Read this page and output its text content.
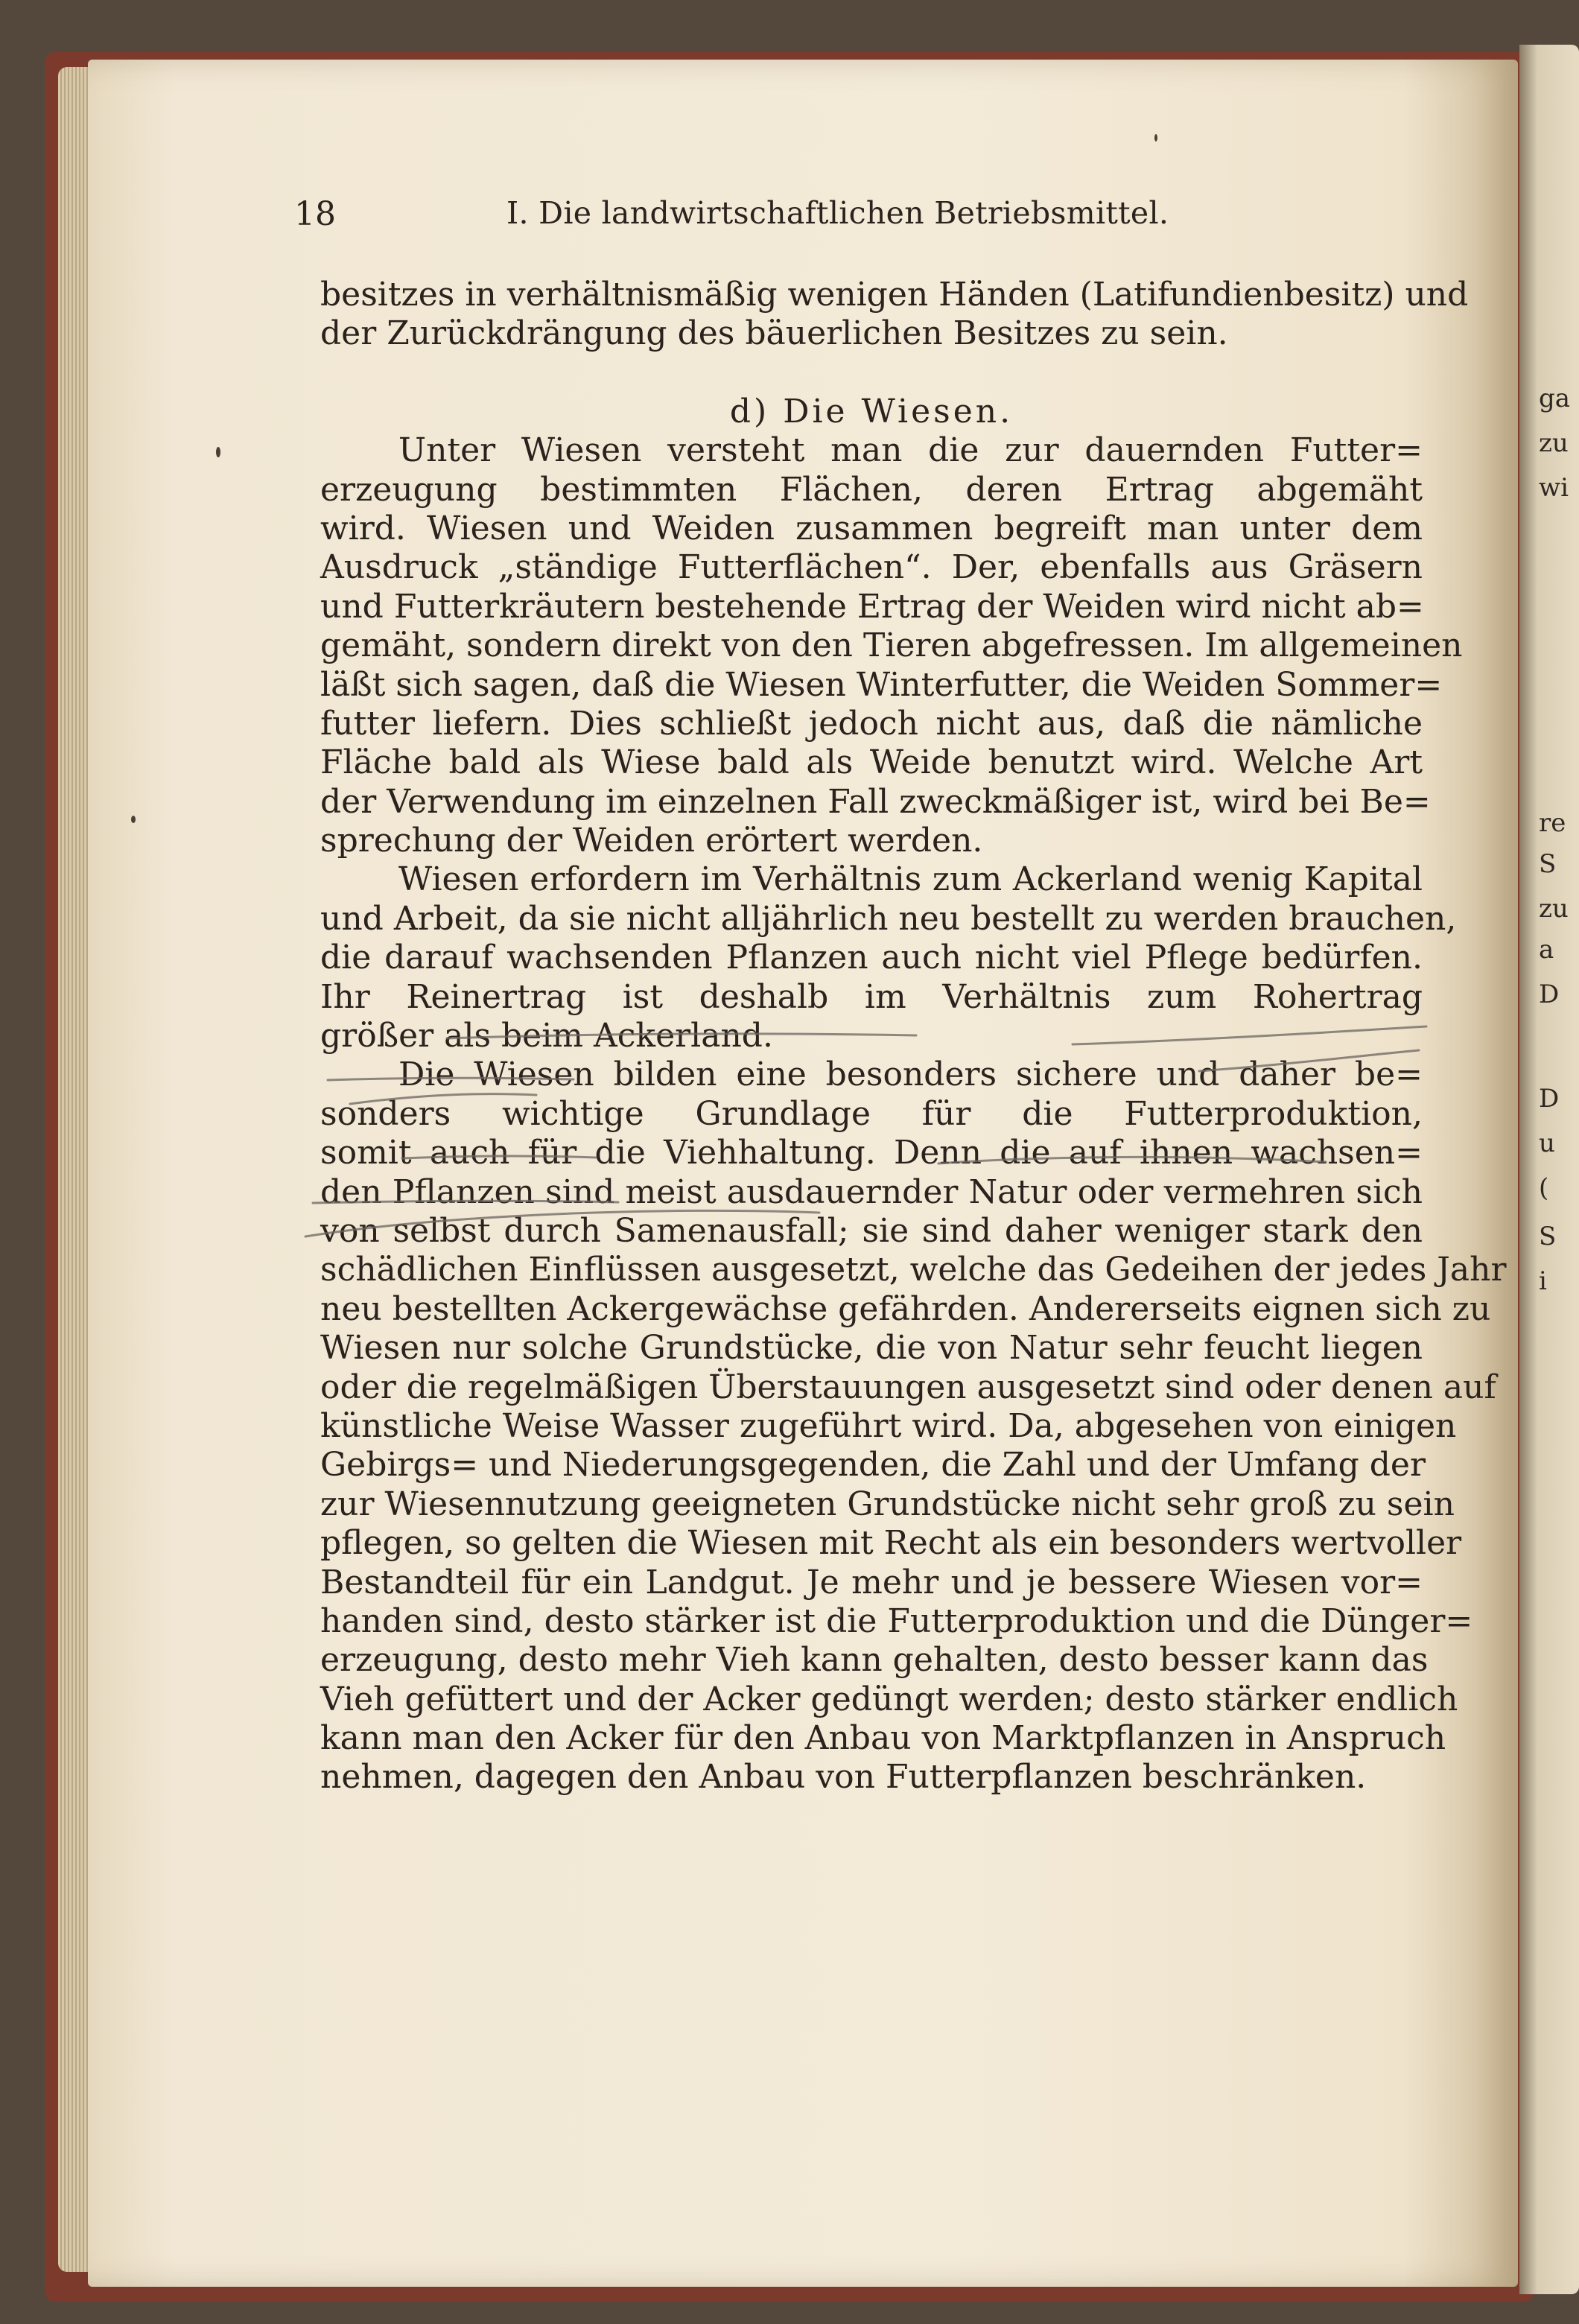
ga
zu
wi
re
S
zu
a
D
D
u
(
S
i
18	I. Die landwirtschaftlichen Betriebsmittel.
besitzes in verhältnismäßig wenigen Händen (Latifundienbesitz) und
der Zurückdrängung des bäuerlichen Besitzes zu sein.
d) Die Wiesen.
Unter Wiesen versteht man die zur dauernden Futter=
erzeugung bestimmten Flächen, deren Ertrag abgemäht
wird. Wiesen und Weiden zusammen begreift man unter dem
Ausdruck „ständige Futterflächen“. Der, ebenfalls aus Gräsern
und Futterkräutern bestehende Ertrag der Weiden wird nicht ab=
gemäht, sondern direkt von den Tieren abgefressen. Im allgemeinen
läßt sich sagen, daß die Wiesen Winterfutter, die Weiden Sommer=
futter liefern. Dies schließt jedoch nicht aus, daß die nämliche
Fläche bald als Wiese bald als Weide benutzt wird. Welche Art
der Verwendung im einzelnen Fall zweckmäßiger ist, wird bei Be=
sprechung der Weiden erörtert werden.
Wiesen erfordern im Verhältnis zum Ackerland wenig Kapital
und Arbeit, da sie nicht alljährlich neu bestellt zu werden brauchen,
die darauf wachsenden Pflanzen auch nicht viel Pflege bedürfen.
Ihr Reinertrag ist deshalb im Verhältnis zum Rohertrag
größer als beim Ackerland.
Die Wiesen bilden eine besonders sichere und daher be=
sonders wichtige Grundlage für die Futterproduktion,
somit auch für die Viehhaltung. Denn die auf ihnen wachsen=
den Pflanzen sind meist ausdauernder Natur oder vermehren sich
von selbst durch Samenausfall; sie sind daher weniger stark den
schädlichen Einflüssen ausgesetzt, welche das Gedeihen der jedes Jahr
neu bestellten Ackergewächse gefährden. Andererseits eignen sich zu
Wiesen nur solche Grundstücke, die von Natur sehr feucht liegen
oder die regelmäßigen Überstauungen ausgesetzt sind oder denen auf
künstliche Weise Wasser zugeführt wird. Da, abgesehen von einigen
Gebirgs= und Niederungsgegenden, die Zahl und der Umfang der
zur Wiesennutzung geeigneten Grundstücke nicht sehr groß zu sein
pflegen, so gelten die Wiesen mit Recht als ein besonders wertvoller
Bestandteil für ein Landgut. Je mehr und je bessere Wiesen vor=
handen sind, desto stärker ist die Futterproduktion und die Dünger=
erzeugung, desto mehr Vieh kann gehalten, desto besser kann das
Vieh gefüttert und der Acker gedüngt werden; desto stärker endlich
kann man den Acker für den Anbau von Marktpflanzen in Anspruch
nehmen, dagegen den Anbau von Futterpflanzen beschränken.
